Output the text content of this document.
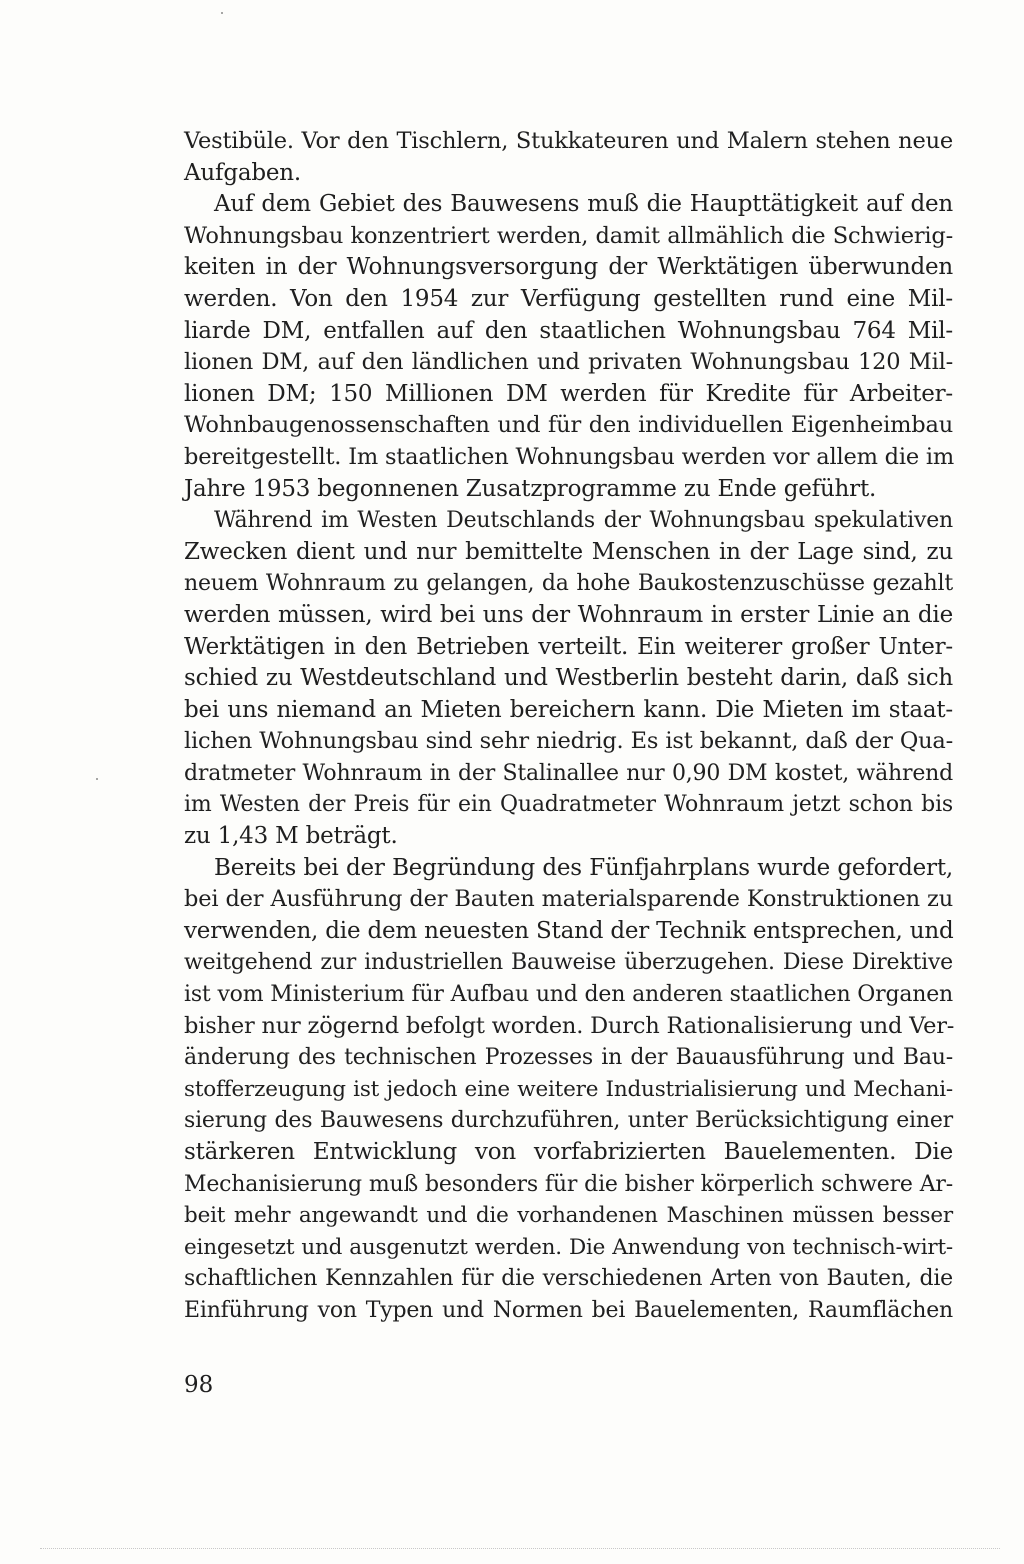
Vestibüle. Vor den Tischlern, Stukkateuren und Malern stehen neue
Aufgaben.
Auf dem Gebiet des Bauwesens muß die Haupttätigkeit auf den
Wohnungsbau konzentriert werden, damit allmählich die Schwierig-
keiten in der Wohnungsversorgung der Werktätigen überwunden
werden. Von den 1954 zur Verfügung gestellten rund eine Mil-
liarde DM, entfallen auf den staatlichen Wohnungsbau 764 Mil-
lionen DM, auf den ländlichen und privaten Wohnungsbau 120 Mil-
lionen DM; 150 Millionen DM werden für Kredite für Arbeiter-
Wohnbaugenossenschaften und für den individuellen Eigenheimbau
bereitgestellt. Im staatlichen Wohnungsbau werden vor allem die im
Jahre 1953 begonnenen Zusatzprogramme zu Ende geführt.
Während im Westen Deutschlands der Wohnungsbau spekulativen
Zwecken dient und nur bemittelte Menschen in der Lage sind, zu
neuem Wohnraum zu gelangen, da hohe Baukostenzuschüsse gezahlt
werden müssen, wird bei uns der Wohnraum in erster Linie an die
Werktätigen in den Betrieben verteilt. Ein weiterer großer Unter-
schied zu Westdeutschland und Westberlin besteht darin, daß sich
bei uns niemand an Mieten bereichern kann. Die Mieten im staat-
lichen Wohnungsbau sind sehr niedrig. Es ist bekannt, daß der Qua-
dratmeter Wohnraum in der Stalinallee nur 0,90 DM kostet, während
im Westen der Preis für ein Quadratmeter Wohnraum jetzt schon bis
zu 1,43 M beträgt.
Bereits bei der Begründung des Fünfjahrplans wurde gefordert,
bei der Ausführung der Bauten materialsparende Konstruktionen zu
verwenden, die dem neuesten Stand der Technik entsprechen, und
weitgehend zur industriellen Bauweise überzugehen. Diese Direktive
ist vom Ministerium für Aufbau und den anderen staatlichen Organen
bisher nur zögernd befolgt worden. Durch Rationalisierung und Ver-
änderung des technischen Prozesses in der Bauausführung und Bau-
stofferzeugung ist jedoch eine weitere Industrialisierung und Mechani-
sierung des Bauwesens durchzuführen, unter Berücksichtigung einer
stärkeren Entwicklung von vorfabrizierten Bauelementen. Die
Mechanisierung muß besonders für die bisher körperlich schwere Ar-
beit mehr angewandt und die vorhandenen Maschinen müssen besser
eingesetzt und ausgenutzt werden. Die Anwendung von technisch-wirt-
schaftlichen Kennzahlen für die verschiedenen Arten von Bauten, die
Einführung von Typen und Normen bei Bauelementen, Raumflächen
98
